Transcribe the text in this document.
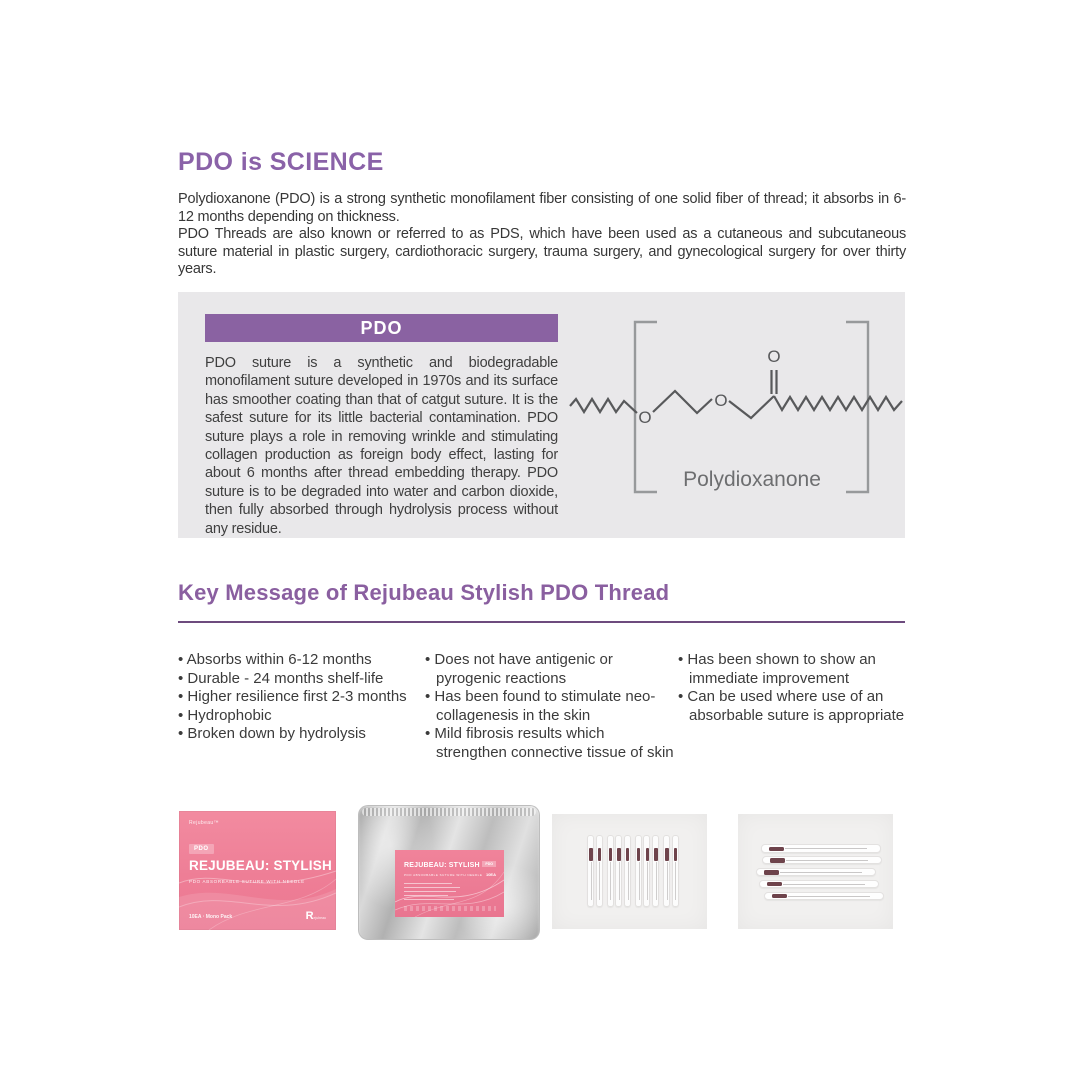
PDO is SCIENCE

Polydioxanone (PDO) is a strong synthetic monofilament fiber consisting of one solid fiber of thread; it absorbs in 6-12 months depending on thickness.

PDO Threads are also known or referred to as PDS, which have been used as a cutaneous and subcutaneous suture material in plastic surgery, cardiothoracic surgery, trauma surgery, and gynecological surgery for over thirty years.

PDO
PDO suture is a synthetic and biodegradable monofilament suture developed in 1970s and its surface has smoother coating than that of catgut suture. It is the safest suture for its little bacterial contamination. PDO suture plays a role in removing wrinkle and stimulating collagen production as foreign body effect, lasting for about 6 months after thread embedding therapy. PDO suture is to be degraded into water and carbon dioxide, then fully absorbed through hydrolysis process without any residue.
O
O
O
Polydioxanone
Key Message of Rejubeau Stylish PDO Thread
• Absorbs within 6-12 months
• Durable - 24 months shelf-life
• Higher resilience first 2-3 months
• Hydrophobic
• Broken down by hydrolysis
• Does not have antigenic or pyrogenic reactions
• Has been found to stimulate neo-collagenesis in the skin
• Mild fibrosis results which strengthen connective tissue of skin
• Has been shown to show an immediate improvement
• Can be used where use of an absorbable suture is appropriate
Rejubeau™
PDO
REJUBEAU: STYLISH
PDO ABSORBABLE SUTURE WITH NEEDLE
10EA · Mono Pack	Rejubeau
REJUBEAU: STYLISH	PDO
PDO ABSORBABLE SUTURE WITH NEEDLE 10EA
